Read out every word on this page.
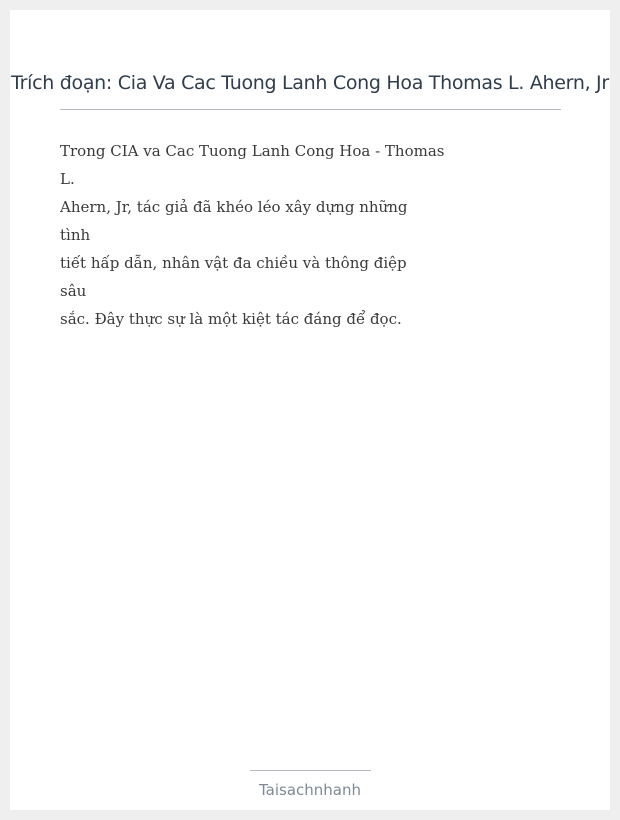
Trích đoạn: Cia Va Cac Tuong Lanh Cong Hoa Thomas L. Ahern, Jr
Trong CIA va Cac Tuong Lanh Cong Hoa - Thomas
L.
Ahern, Jr, tác giả đã khéo léo xây dựng những
tình
tiết hấp dẫn, nhân vật đa chiều và thông điệp
sâu
sắc. Đây thực sự là một kiệt tác đáng để đọc.
Taisachnhanh
